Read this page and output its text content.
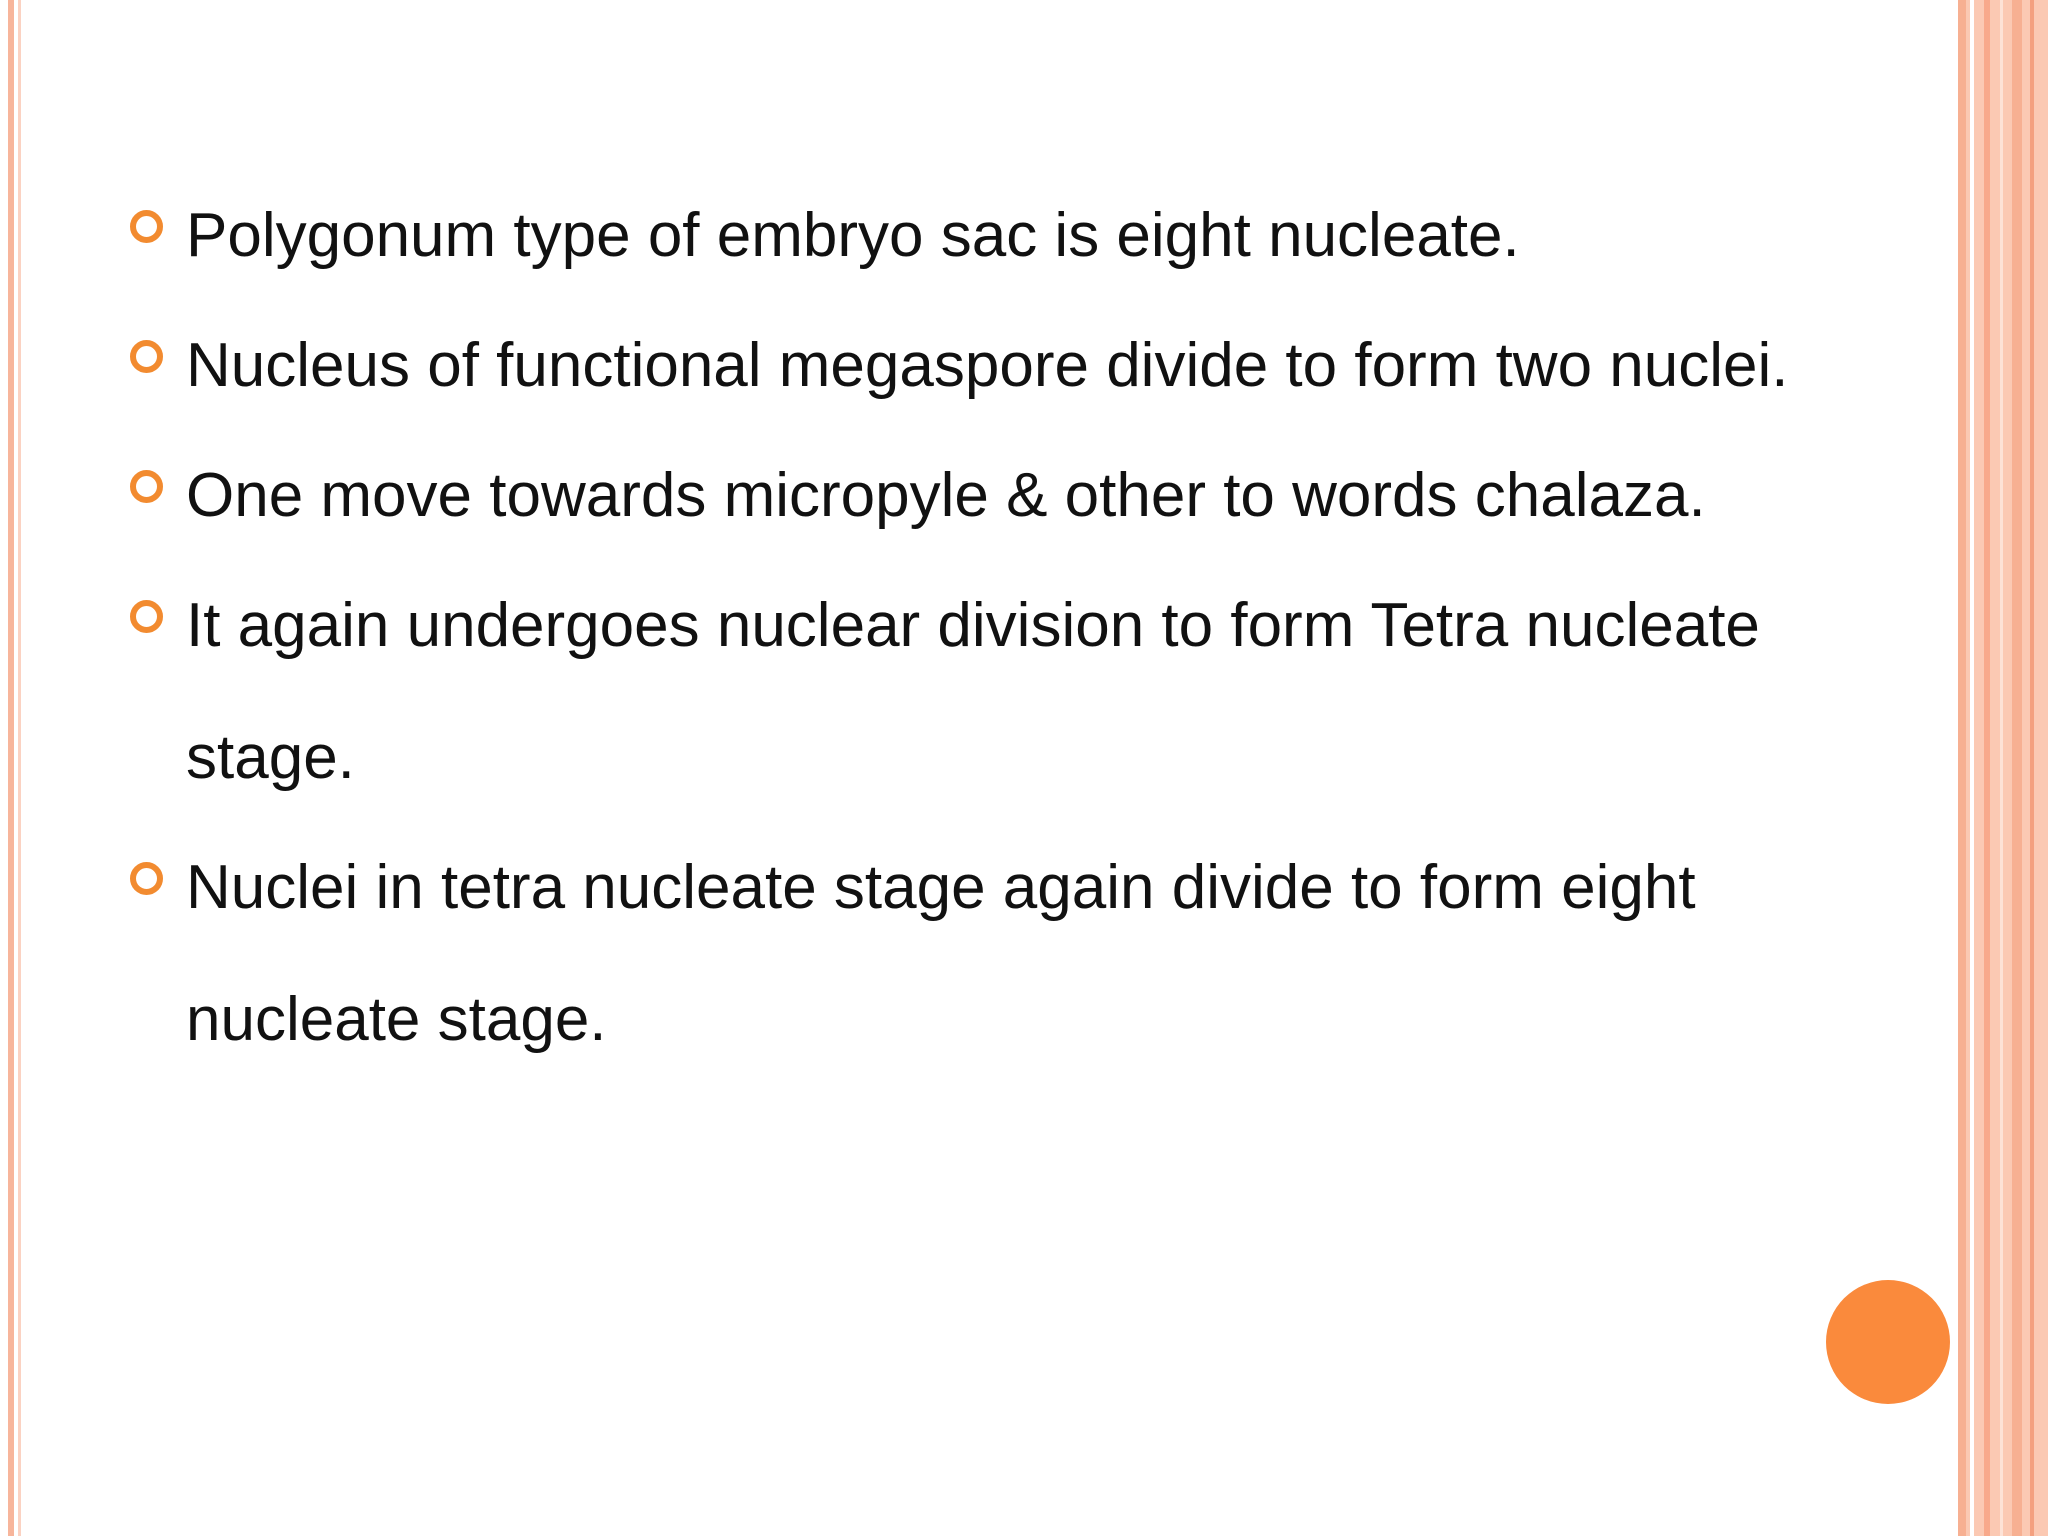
Polygonum type of embryo sac is eight nucleate.

Nucleus of functional megaspore divide to form two nuclei.

One move towards micropyle & other to words chalaza.

It again undergoes nuclear division to form Tetra nucleate stage.

Nuclei in tetra nucleate stage again divide to form eight nucleate stage.
